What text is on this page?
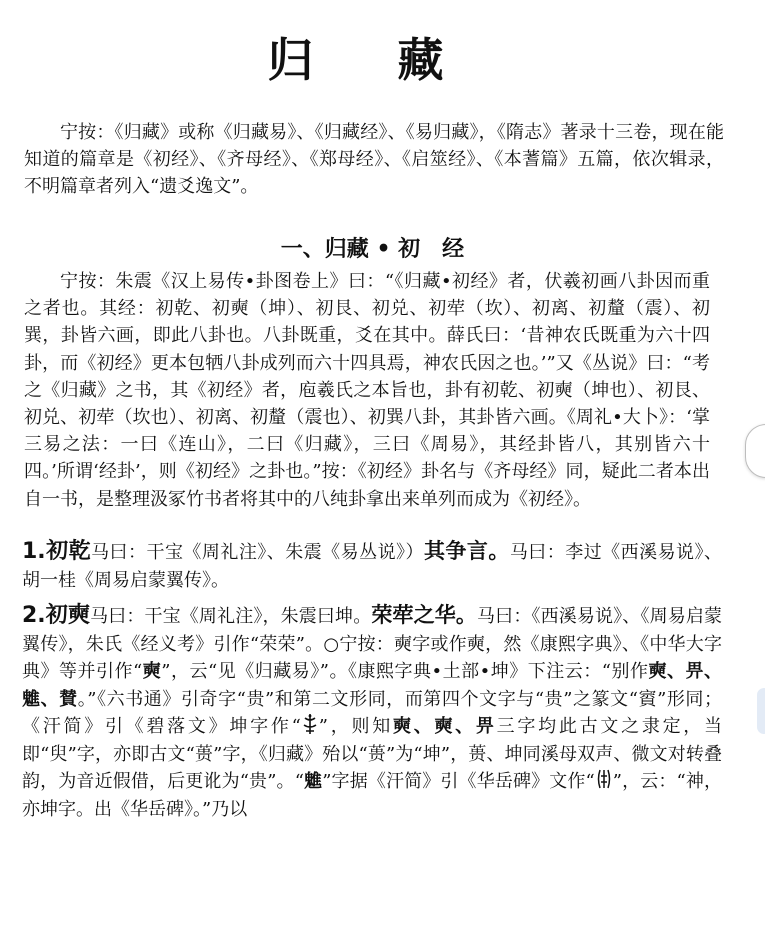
归 藏

宁按：《归藏》或称《归藏易》、《归藏经》、《易归藏》，《隋志》著录十三卷，现在能知道的篇章是《初经》、《齐母经》、《郑母经》、《启筮经》、《本蓍篇》五篇，依次辑录，不明篇章者列入“遗爻逸文”。

一、归藏 • 初　经

宁按：朱震《汉上易传•卦图卷上》曰：“《归藏•初经》者，伏羲初画八卦因而重之者也。其经：初乾、初奭（坤）、初艮、初兑、初荦（坎）、初离、初釐（震）、初巽，卦皆六画，即此八卦也。八卦既重，爻在其中。薛氏曰：‘昔神农氏既重为六十四卦，而《初经》更本包牺八卦成列而六十四具焉，神农氏因之也。’”又《丛说》曰：“考之《归藏》之书，其《初经》者，庖羲氏之本旨也，卦有初乾、初奭（坤也）、初艮、初兑、初荦（坎也）、初离、初釐（震也）、初巽八卦，其卦皆六画。《周礼•大卜》：‘掌三易之法：一曰《连山》，二曰《归藏》，三曰《周易》，其经卦皆八，其别皆六十四。’所谓‘经卦’，则《初经》之卦也。”按：《初经》卦名与《齐母经》同，疑此二者本出自一书，是整理汲冢竹书者将其中的八纯卦拿出来单列而成为《初经》。

1.初乾马曰：干宝《周礼注》、朱震《易丛说》）其争言。马曰：李过《西溪易说》、胡一桂《周易启蒙翼传》。

2.初奭马曰：干宝《周礼注》，朱震曰坤。荣荦之华。马曰：《西溪易说》、《周易启蒙翼传》，朱氏《经义考》引作“荣荣”。○宁按：奭字或作奭，然《康熙字典》、《中华大字典》等并引作“奭”，云“见《归藏易》”。《康熙字典•土部•坤》下注云：“别作奭、畀、魋、賛。”《六书通》引奇字“贵”和第二文形同，而第四个文字与“贵”之篆文“賨”形同；《汗简》引《碧落文》坤字作“ ”，则知奭、奭、畀三字均此古文之隶定，当即“臾”字，亦即古文“蒉”字，《归藏》殆以“蒉”为“坤”，蒉、坤同溪母双声、微文对转叠韵，为音近假借，后更讹为“贵”。“魋”字据《汗简》引《华岳碑》文作“ ”，云：“神，亦坤字。出《华岳碑》。”乃以
